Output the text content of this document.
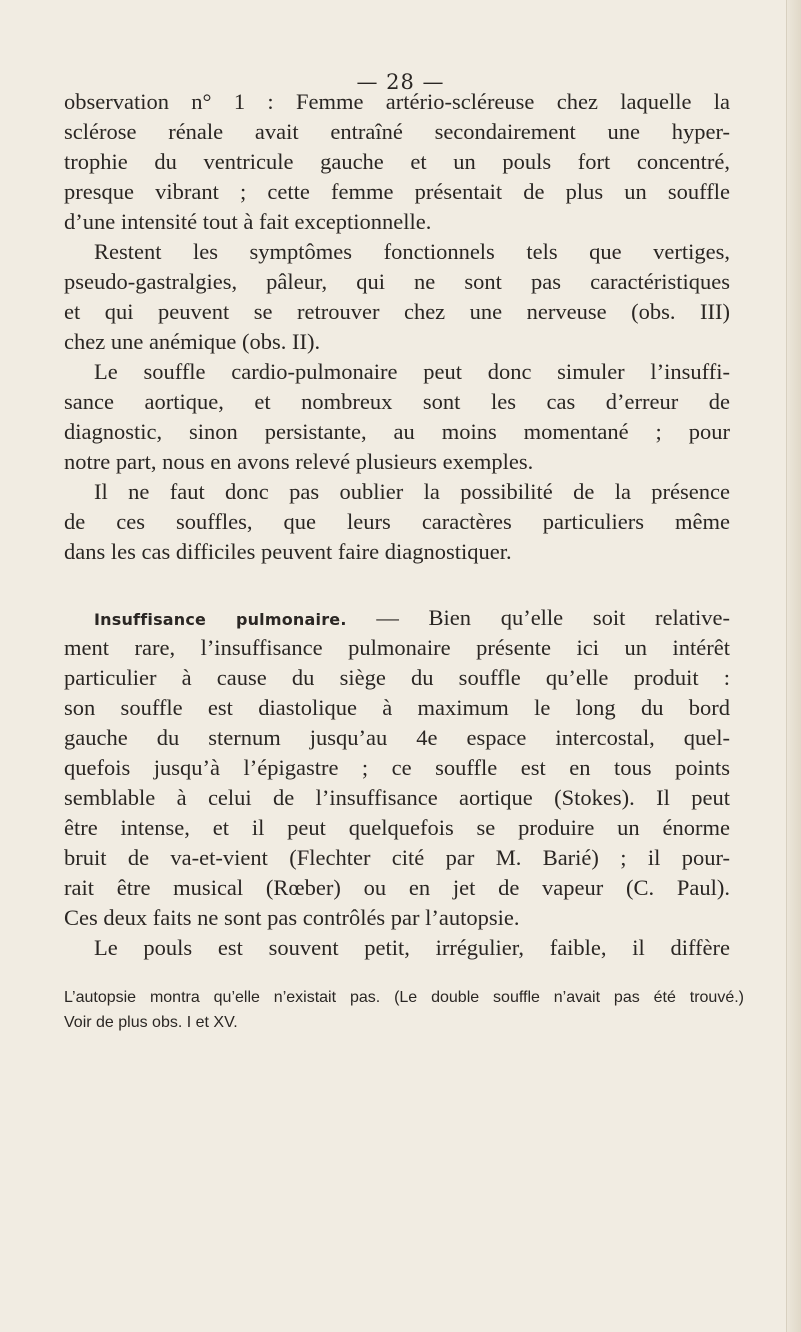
— 28 —
observation n° 1 : Femme artério-scléreuse chez laquelle la
sclérose rénale avait entraîné secondairement une hyper-
trophie du ventricule gauche et un pouls fort concentré,
presque vibrant ; cette femme présentait de plus un souffle
d’une intensité tout à fait exceptionnelle.
Restent les symptômes fonctionnels tels que vertiges,
pseudo-gastralgies, pâleur, qui ne sont pas caractéristiques
et qui peuvent se retrouver chez une nerveuse (obs. III)
chez une anémique (obs. II).
Le souffle cardio-pulmonaire peut donc simuler l’insuffi-
sance aortique, et nombreux sont les cas d’erreur de
diagnostic, sinon persistante, au moins momentané ; pour
notre part, nous en avons relevé plusieurs exemples.
Il ne faut donc pas oublier la possibilité de la présence
de ces souffles, que leurs caractères particuliers même
dans les cas difficiles peuvent faire diagnostiquer.
Insuffisance pulmonaire. — Bien qu’elle soit relative-
ment rare, l’insuffisance pulmonaire présente ici un intérêt
particulier à cause du siège du souffle qu’elle produit :
son souffle est diastolique à maximum le long du bord
gauche du sternum jusqu’au 4e espace intercostal, quel-
quefois jusqu’à l’épigastre ; ce souffle est en tous points
semblable à celui de l’insuffisance aortique (Stokes). Il peut
être intense, et il peut quelquefois se produire un énorme
bruit de va-et-vient (Flechter cité par M. Barié) ; il pour-
rait être musical (Rœber) ou en jet de vapeur (C. Paul).
Ces deux faits ne sont pas contrôlés par l’autopsie.
Le pouls est souvent petit, irrégulier, faible, il diffère
L’autopsie montra qu’elle n’existait pas. (Le double souffle n’avait pas été trouvé.)
Voir de plus obs. I et XV.
